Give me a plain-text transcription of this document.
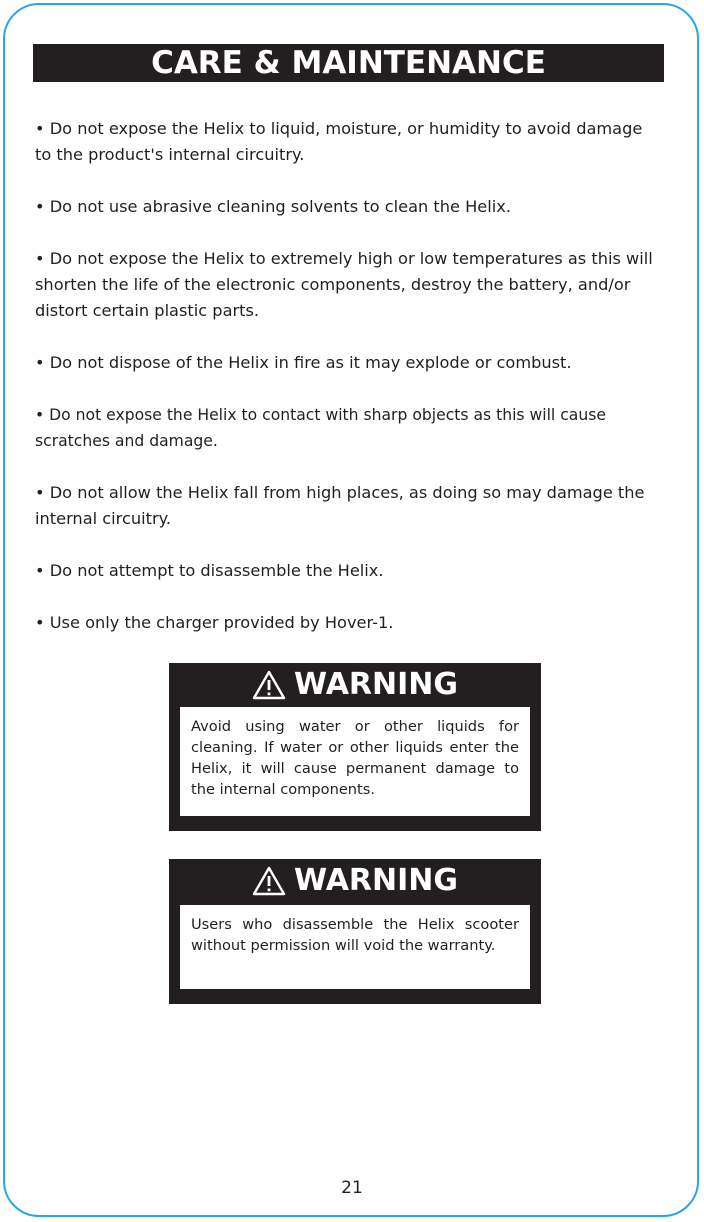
CARE & MAINTENANCE
• Do not expose the Helix to liquid, moisture, or humidity to avoid damage to the product's internal circuitry.
• Do not use abrasive cleaning solvents to clean the Helix.
• Do not expose the Helix to extremely high or low temperatures as this will shorten the life of the electronic components, destroy the battery, and/or distort certain plastic parts.
• Do not dispose of the Helix in fire as it may explode or combust.
• Do not expose the Helix to contact with sharp objects as this will cause scratches and damage.
• Do not allow the Helix fall from high places, as doing so may damage the internal circuitry.
• Do not attempt to disassemble the Helix.
• Use only the charger provided by Hover-1.
WARNING
Avoid using water or other liquids for cleaning. If water or other liquids enter the Helix, it will cause permanent damage to the internal components.
WARNING
Users who disassemble the Helix scooter without permission will void the warranty.
21
